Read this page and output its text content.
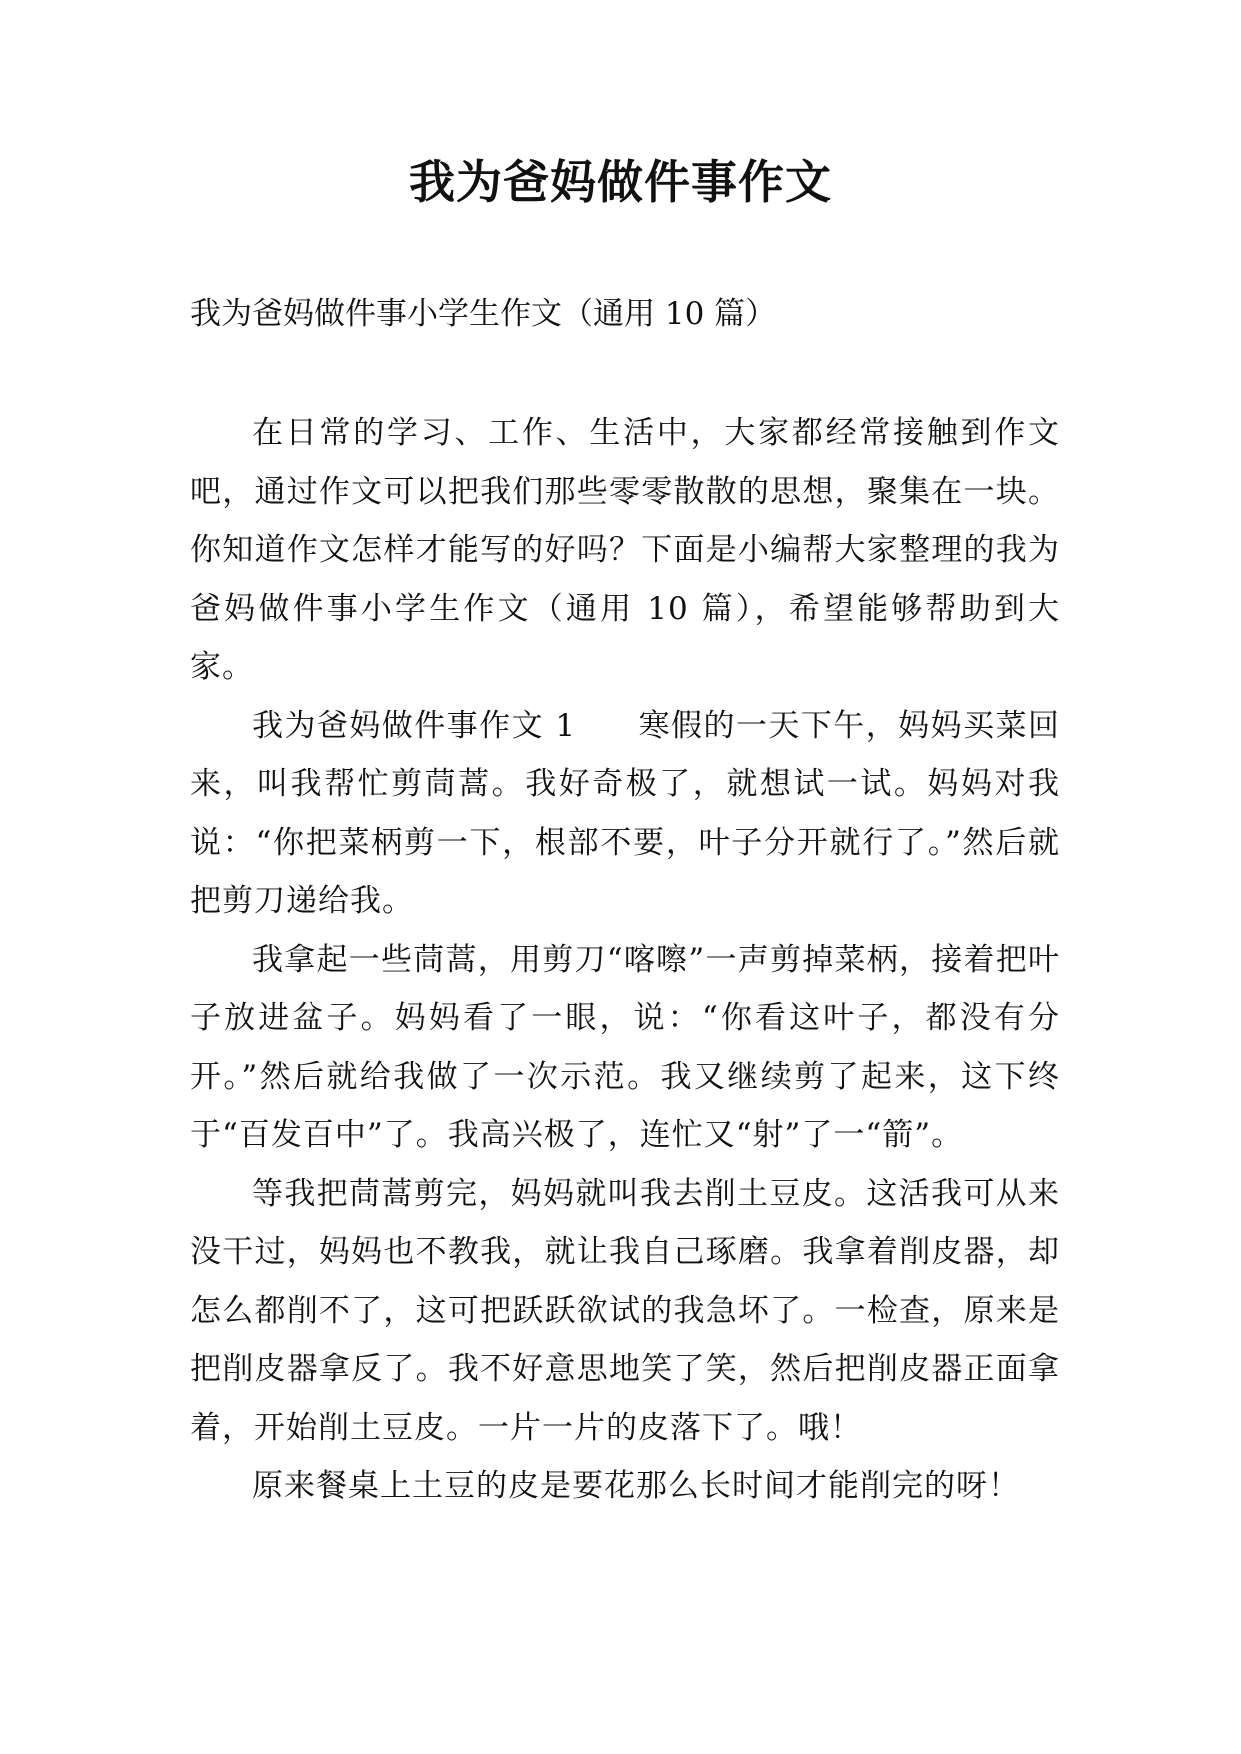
我为爸妈做件事作文

我为爸妈做件事小学生作文（通用 10 篇）

在日常的学习、工作、生活中，大家都经常接触到作文吧，通过作文可以把我们那些零零散散的思想，聚集在一块。你知道作文怎样才能写的好吗？下面是小编帮大家整理的我为爸妈做件事小学生作文（通用 10 篇），希望能够帮助到大家。

我为爸妈做件事作文 1 寒假的一天下午，妈妈买菜回来，叫我帮忙剪茼蒿。我好奇极了，就想试一试。妈妈对我说：“你把菜柄剪一下，根部不要，叶子分开就行了。”然后就把剪刀递给我。

我拿起一些茼蒿，用剪刀“喀嚓”一声剪掉菜柄，接着把叶子放进盆子。妈妈看了一眼，说：“你看这叶子，都没有分开。”然后就给我做了一次示范。我又继续剪了起来，这下终于“百发百中”了。我高兴极了，连忙又“射”了一“箭”。

等我把茼蒿剪完，妈妈就叫我去削土豆皮。这活我可从来没干过，妈妈也不教我，就让我自己琢磨。我拿着削皮器，却怎么都削不了，这可把跃跃欲试的我急坏了。一检查，原来是把削皮器拿反了。我不好意思地笑了笑，然后把削皮器正面拿着，开始削土豆皮。一片一片的皮落下了。哦！

原来餐桌上土豆的皮是要花那么长时间才能削完的呀！
